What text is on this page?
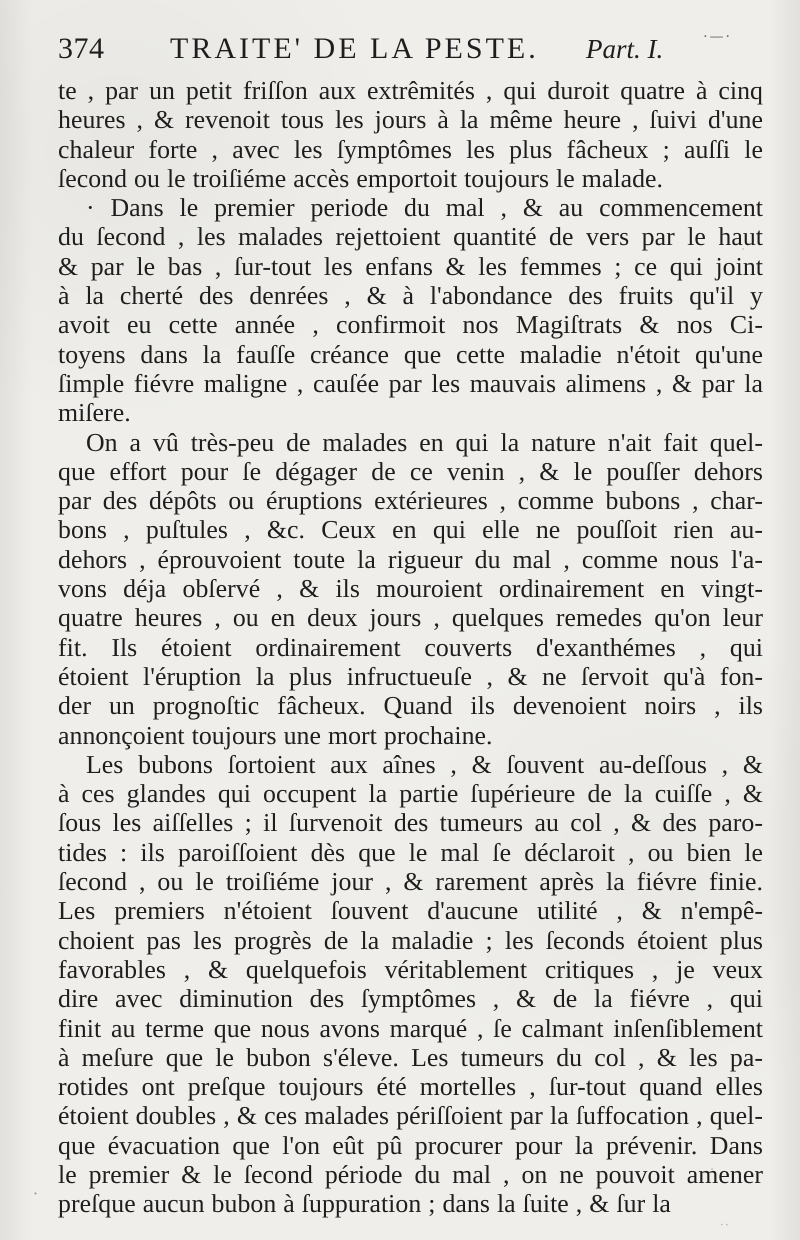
374 TRAITE' DE LA PESTE. Part. I.	·—·
te , par un petit friſſon aux extrêmités , qui duroit quatre à cinq
heures , & revenoit tous les jours à la même heure , ſuivi d'une
chaleur forte , avec les ſymptômes les plus fâcheux ; auſſi le
ſecond ou le troiſiéme accès emportoit toujours le malade.
· Dans le premier periode du mal , & au commencement
du ſecond , les malades rejettoient quantité de vers par le haut
& par le bas , ſur-tout les enfans & les femmes ; ce qui joint
à la cherté des denrées , & à l'abondance des fruits qu'il y
avoit eu cette année , confirmoit nos Magiſtrats & nos Ci-
toyens dans la fauſſe créance que cette maladie n'étoit qu'une
ſimple fiévre maligne , cauſée par les mauvais alimens , & par la
miſere.
On a vû très-peu de malades en qui la nature n'ait fait quel-
que effort pour ſe dégager de ce venin , & le pouſſer dehors
par des dépôts ou éruptions extérieures , comme bubons , char-
bons , puſtules , &c. Ceux en qui elle ne pouſſoit rien au-
dehors , éprouvoient toute la rigueur du mal , comme nous l'a-
vons déja obſervé , & ils mouroient ordinairement en vingt-
quatre heures , ou en deux jours , quelques remedes qu'on leur
fit. Ils étoient ordinairement couverts d'exanthémes , qui
étoient l'éruption la plus infructueuſe , & ne ſervoit qu'à fon-
der un prognoſtic fâcheux. Quand ils devenoient noirs , ils
annonçoient toujours une mort prochaine.
Les bubons ſortoient aux aînes , & ſouvent au-deſſous , &
à ces glandes qui occupent la partie ſupérieure de la cuiſſe , &
ſous les aiſſelles ; il ſurvenoit des tumeurs au col , & des paro-
tides : ils paroiſſoient dès que le mal ſe déclaroit , ou bien le
ſecond , ou le troiſiéme jour , & rarement après la fiévre finie.
Les premiers n'étoient ſouvent d'aucune utilité , & n'empê-
choient pas les progrès de la maladie ; les ſeconds étoient plus
favorables , & quelquefois véritablement critiques , je veux
dire avec diminution des ſymptômes , & de la fiévre , qui
finit au terme que nous avons marqué , ſe calmant inſenſiblement
à meſure que le bubon s'éleve. Les tumeurs du col , & les pa-
rotides ont preſque toujours été mortelles , ſur-tout quand elles
étoient doubles , & ces malades périſſoient par la ſuffocation , quel-
que évacuation que l'on eût pû procurer pour la prévenir. Dans
le premier & le ſecond période du mal , on ne pouvoit amener
preſque aucun bubon à ſuppuration ; dans la ſuite , & ſur la
·
··
